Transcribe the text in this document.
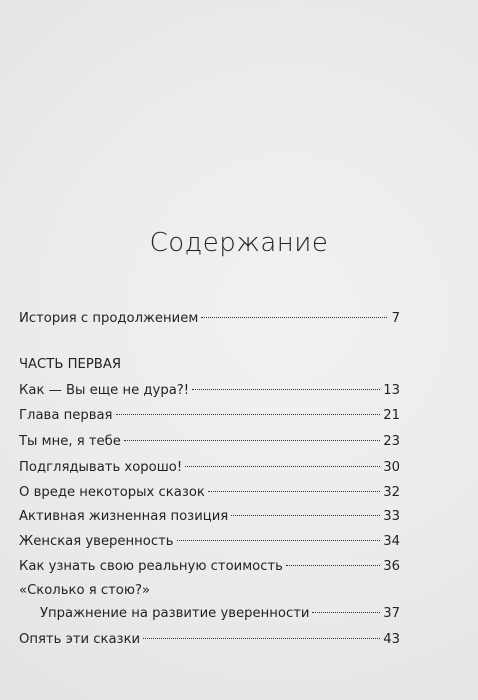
Содержание
История с продолжением	7
ЧАСТЬ ПЕРВАЯ
Как — Вы еще не дура?!	13
Глава первая	21
Ты мне, я тебе	23
Подглядывать хорошо!	30
О вреде некоторых сказок	32
Активная жизненная позиция	33
Женская уверенность	34
Как узнать свою реальную стоимость	36
«Сколько я стою?»
Упражнение на развитие уверенности	37
Опять эти сказки	43
